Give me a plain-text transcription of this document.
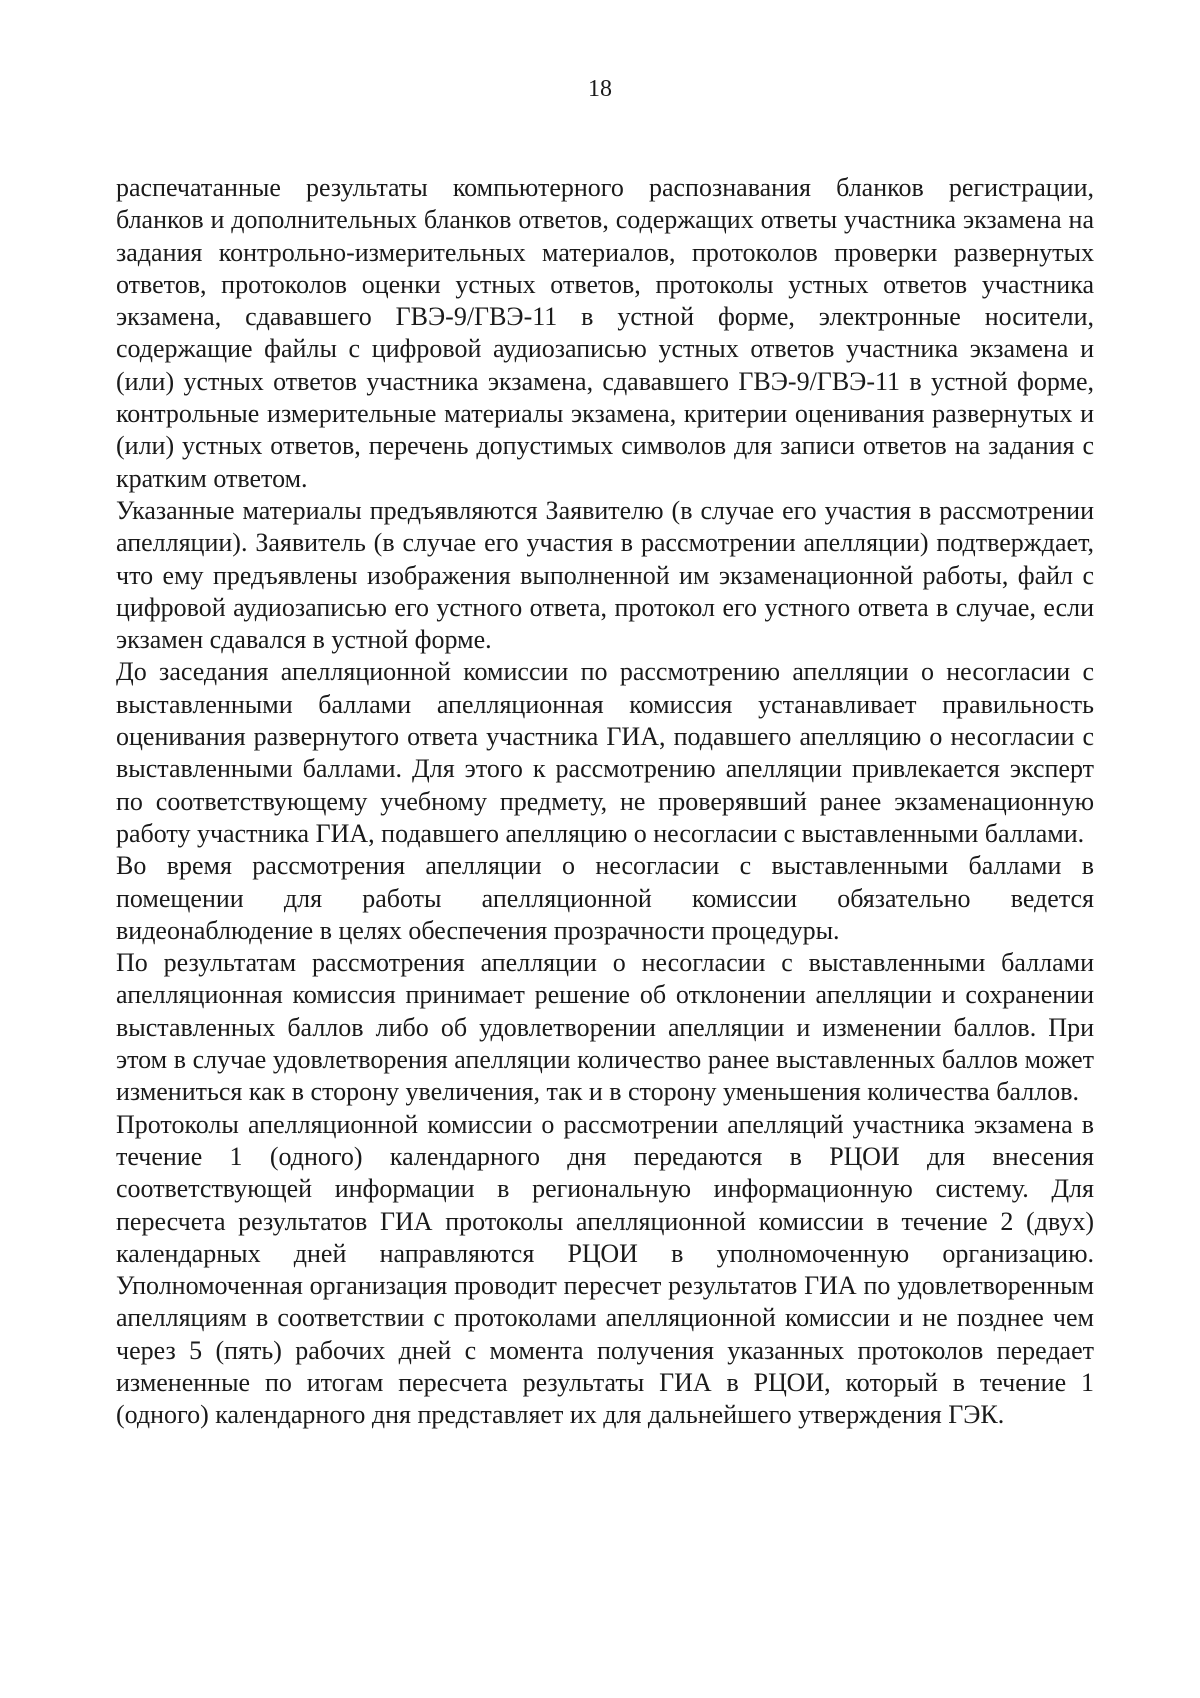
18

распечатанные результаты компьютерного распознавания бланков регистрации, бланков и дополнительных бланков ответов, содержащих ответы участника экзамена на задания контрольно-измерительных материалов, протоколов проверки развернутых ответов, протоколов оценки устных ответов, протоколы устных ответов участника экзамена, сдававшего ГВЭ-9/ГВЭ-11 в устной форме, электронные носители, содержащие файлы с цифровой аудиозаписью устных ответов участника экзамена и (или) устных ответов участника экзамена, сдававшего ГВЭ-9/ГВЭ-11 в устной форме, контрольные измерительные материалы экзамена, критерии оценивания развернутых и (или) устных ответов, перечень допустимых символов для записи ответов на задания с кратким ответом.

Указанные материалы предъявляются Заявителю (в случае его участия в рассмотрении апелляции). Заявитель (в случае его участия в рассмотрении апелляции) подтверждает, что ему предъявлены изображения выполненной им экзаменационной работы, файл с цифровой аудиозаписью его устного ответа, протокол его устного ответа в случае, если экзамен сдавался в устной форме.

До заседания апелляционной комиссии по рассмотрению апелляции о несогласии с выставленными баллами апелляционная комиссия устанавливает правильность оценивания развернутого ответа участника ГИА, подавшего апелляцию о несогласии с выставленными баллами. Для этого к рассмотрению апелляции привлекается эксперт по соответствующему учебному предмету, не проверявший ранее экзаменационную работу участника ГИА, подавшего апелляцию о несогласии с выставленными баллами.

Во время рассмотрения апелляции о несогласии с выставленными баллами в помещении для работы апелляционной комиссии обязательно ведется видеонаблюдение в целях обеспечения прозрачности процедуры.

По результатам рассмотрения апелляции о несогласии с выставленными баллами апелляционная комиссия принимает решение об отклонении апелляции и сохранении выставленных баллов либо об удовлетворении апелляции и изменении баллов. При этом в случае удовлетворения апелляции количество ранее выставленных баллов может измениться как в сторону увеличения, так и в сторону уменьшения количества баллов.

Протоколы апелляционной комиссии о рассмотрении апелляций участника экзамена в течение 1 (одного) календарного дня передаются в РЦОИ для внесения соответствующей информации в региональную информационную систему. Для пересчета результатов ГИА протоколы апелляционной комиссии в течение 2 (двух) календарных дней направляются РЦОИ в уполномоченную организацию. Уполномоченная организация проводит пересчет результатов ГИА по удовлетворенным апелляциям в соответствии с протоколами апелляционной комиссии и не позднее чем через 5 (пять) рабочих дней с момента получения указанных протоколов передает измененные по итогам пересчета результаты ГИА в РЦОИ, который в течение 1 (одного) календарного дня представляет их для дальнейшего утверждения ГЭК.
